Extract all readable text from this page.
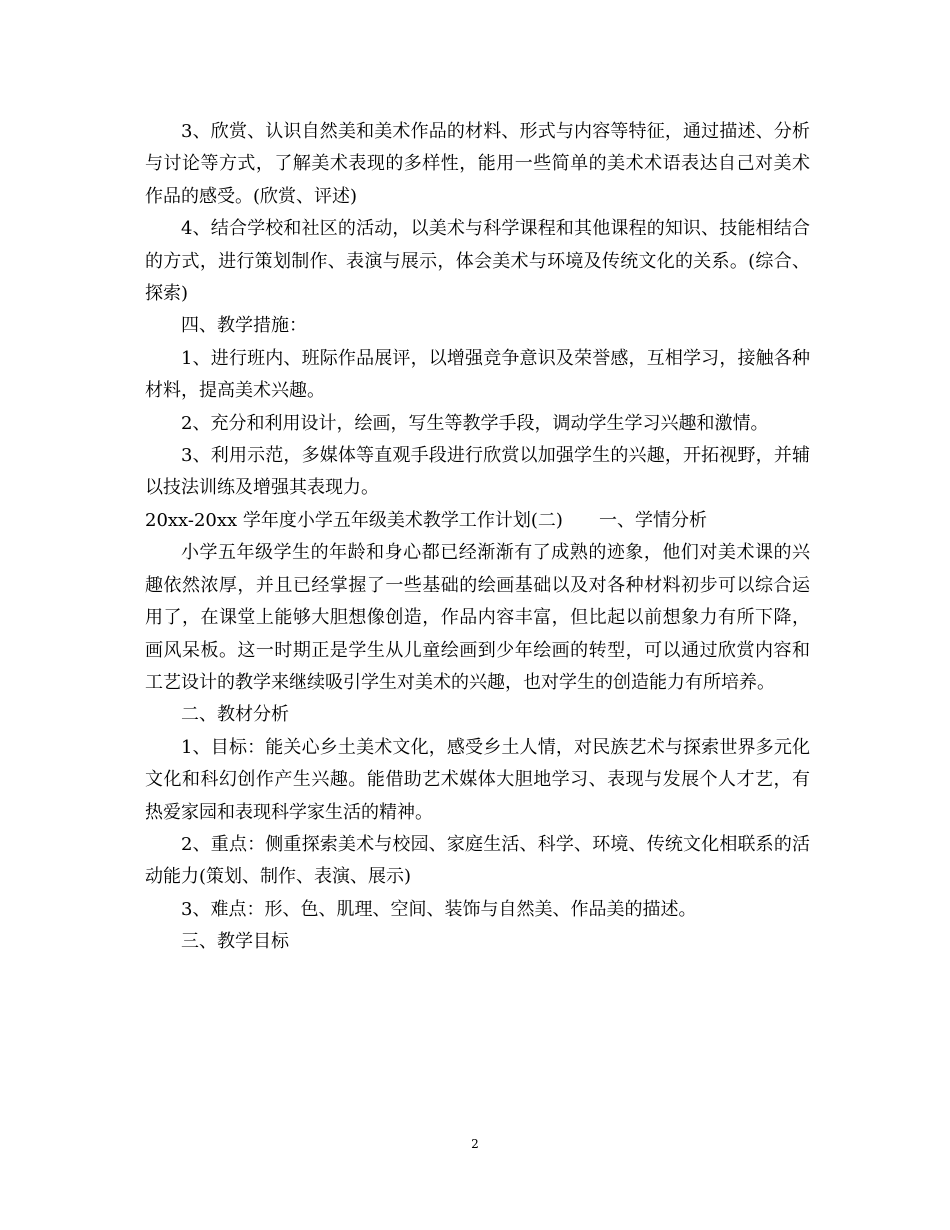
3、欣赏、认识自然美和美术作品的材料、形式与内容等特征，通过描述、分析与讨论等方式，了解美术表现的多样性，能用一些简单的美术术语表达自己对美术作品的感受。(欣赏、评述)

4、结合学校和社区的活动，以美术与科学课程和其他课程的知识、技能相结合的方式，进行策划制作、表演与展示，体会美术与环境及传统文化的关系。(综合、探索)

四、教学措施：

1、进行班内、班际作品展评，以增强竞争意识及荣誉感，互相学习，接触各种材料，提高美术兴趣。

2、充分和利用设计，绘画，写生等教学手段，调动学生学习兴趣和激情。

3、利用示范，多媒体等直观手段进行欣赏以加强学生的兴趣，开拓视野，并辅以技法训练及增强其表现力。

20xx-20xx 学年度小学五年级美术教学工作计划(二)　　一、学情分析

小学五年级学生的年龄和身心都已经渐渐有了成熟的迹象，他们对美术课的兴趣依然浓厚，并且已经掌握了一些基础的绘画基础以及对各种材料初步可以综合运用了，在课堂上能够大胆想像创造，作品内容丰富，但比起以前想象力有所下降，画风呆板。这一时期正是学生从儿童绘画到少年绘画的转型，可以通过欣赏内容和工艺设计的教学来继续吸引学生对美术的兴趣，也对学生的创造能力有所培养。

二、教材分析

1、目标：能关心乡土美术文化，感受乡土人情，对民族艺术与探索世界多元化文化和科幻创作产生兴趣。能借助艺术媒体大胆地学习、表现与发展个人才艺，有热爱家园和表现科学家生活的精神。

2、重点：侧重探索美术与校园、家庭生活、科学、环境、传统文化相联系的活动能力(策划、制作、表演、展示)

3、难点：形、色、肌理、空间、装饰与自然美、作品美的描述。

三、教学目标

2
